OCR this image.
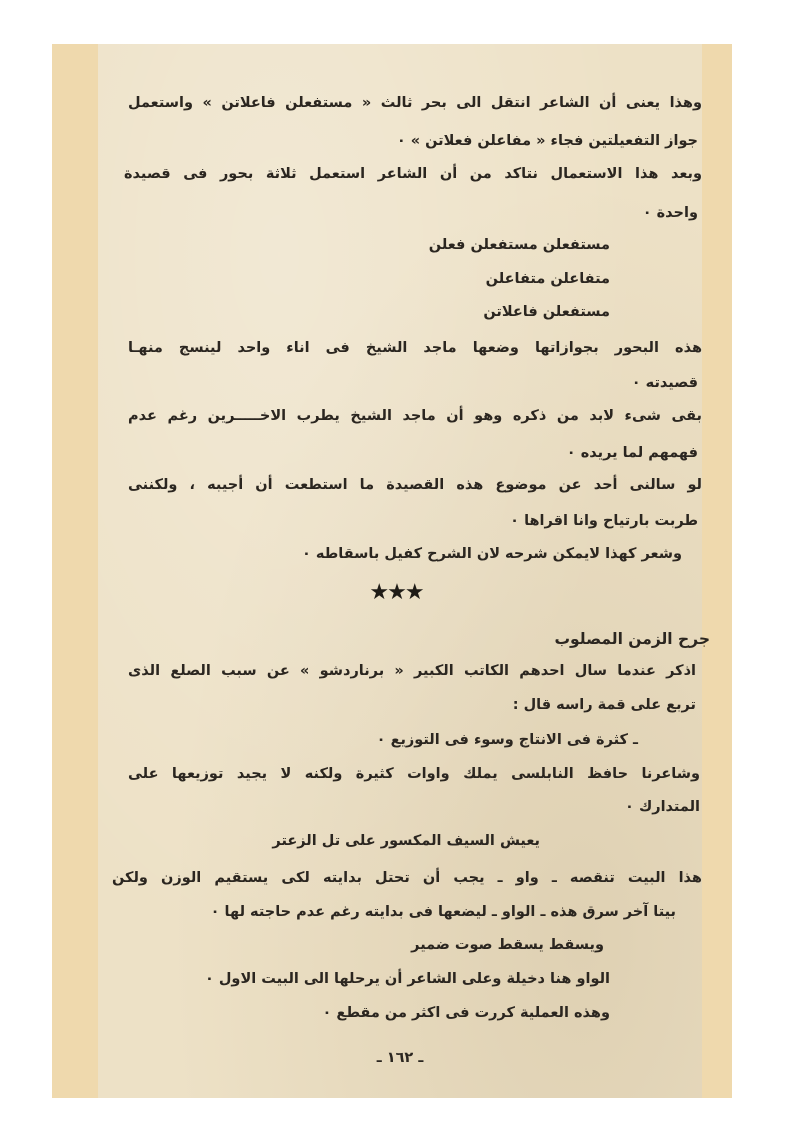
وهذا يعنى أن الشاعر انتقل الى بحر ثالث « مستفعلن فاعلاتن » واستعمل
جواز التفعيلتين فجاء « مفاعلن فعلاتن » ٠
وبعد هذا الاستعمال نتاكد من أن الشاعر استعمل ثلاثة بحور فى قصيدة
واحدة ٠
مستفعلن مستفعلن فعلن
متفاعلن متفاعلن
مستفعلن فاعلاتن
هذه البحور بجوازاتها وضعها ماجد الشيخ فى اناء واحد لينسج منهـا
قصيدته ٠
بقى شىء لابد من ذكره وهو أن ماجد الشيخ يطرب الاخـــــرين رغم عدم
فهمهم لما يريده ٠
لو سالنى أحد عن موضوع هذه القصيدة ما استطعت أن أجيبه ، ولكننى
طربت بارتياح وانا اقراها ٠
وشعر كهذا لايمكن شرحه لان الشرح كفيل باسقاطه ٠
★★★
جرح الزمن المصلوب
اذكر عندما سال احدهم الكاتب الكبير « برناردشو » عن سبب الصلع الذى
تربع على قمة راسه قال :
ـ كثرة فى الانتاج وسوء فى التوزيع ٠
وشاعرنا حافظ النابلسى يملك واوات كثيرة ولكنه لا يجيد توزيعها على
المتدارك ٠
يعيش السيف المكسور على تل الزعتر
هذا البيت تنقصه ـ واو ـ يجب أن تحتل بدايته لكى يستقيم الوزن ولكن
بيتا آخر سرق هذه ـ الواو ـ ليضعها فى بدايته رغم عدم حاجته لها ٠
ويسقط يسقط صوت ضمير
الواو هنا دخيلة وعلى الشاعر أن يرحلها الى البيت الاول ٠
وهذه العملية كررت فى اكثر من مقطع ٠
ـ ١٦٢ ـ
